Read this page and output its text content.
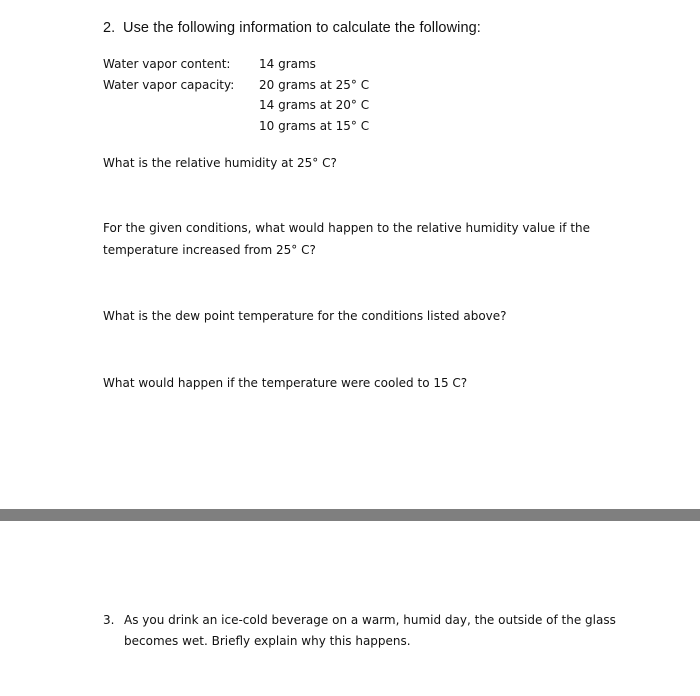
2. Use the following information to calculate the following:
Water vapor content:	14 grams
Water vapor capacity:	20 grams at 25° C
14 grams at 20° C
10 grams at 15° C
What is the relative humidity at 25° C?
For the given conditions, what would happen to the relative humidity value if the temperature increased from 25° C?
What is the dew point temperature for the conditions listed above?
What would happen if the temperature were cooled to 15 C?
3. As you drink an ice-cold beverage on a warm, humid day, the outside of the glass becomes wet. Briefly explain why this happens.
